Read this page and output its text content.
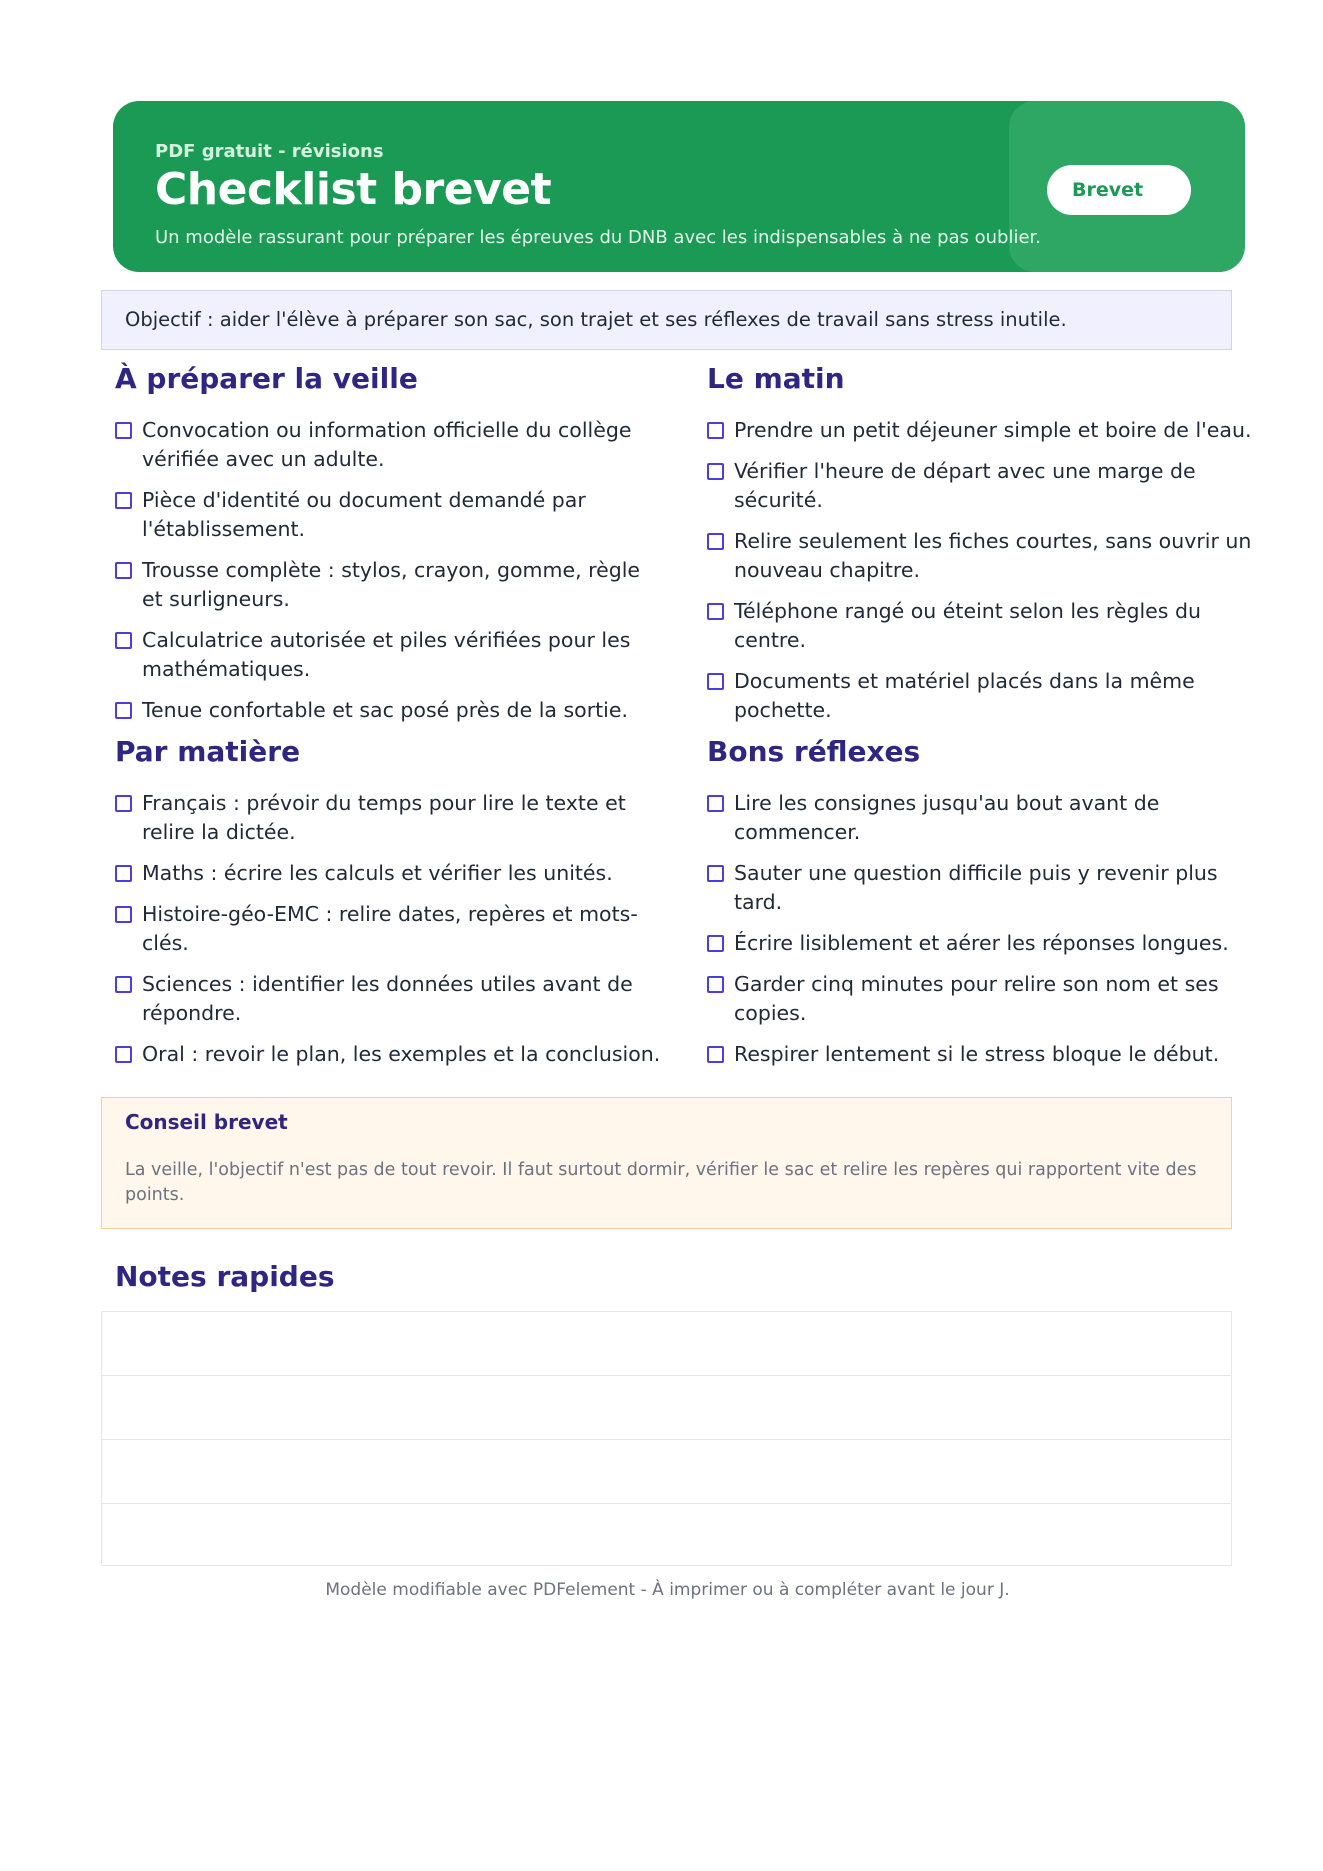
PDF gratuit - révisions
Checklist brevet
Un modèle rassurant pour préparer les épreuves du DNB avec les indispensables à ne pas oublier.
Brevet
Objectif : aider l'élève à préparer son sac, son trajet et ses réflexes de travail sans stress inutile.
À préparer la veille
Convocation ou information officielle du collège vérifiée avec un adulte.
Pièce d'identité ou document demandé par l'établissement.
Trousse complète : stylos, crayon, gomme, règle et surligneurs.
Calculatrice autorisée et piles vérifiées pour les mathématiques.
Tenue confortable et sac posé près de la sortie.
Le matin
Prendre un petit déjeuner simple et boire de l'eau.
Vérifier l'heure de départ avec une marge de sécurité.
Relire seulement les fiches courtes, sans ouvrir un nouveau chapitre.
Téléphone rangé ou éteint selon les règles du centre.
Documents et matériel placés dans la même pochette.
Par matière
Français : prévoir du temps pour lire le texte et relire la dictée.
Maths : écrire les calculs et vérifier les unités.
Histoire-géo-EMC : relire dates, repères et mots-clés.
Sciences : identifier les données utiles avant de répondre.
Oral : revoir le plan, les exemples et la conclusion.
Bons réflexes
Lire les consignes jusqu'au bout avant de commencer.
Sauter une question difficile puis y revenir plus tard.
Écrire lisiblement et aérer les réponses longues.
Garder cinq minutes pour relire son nom et ses copies.
Respirer lentement si le stress bloque le début.
Conseil brevet
La veille, l'objectif n'est pas de tout revoir. Il faut surtout dormir, vérifier le sac et relire les repères qui rapportent vite des points.
Notes rapides
Modèle modifiable avec PDFelement - À imprimer ou à compléter avant le jour J.
